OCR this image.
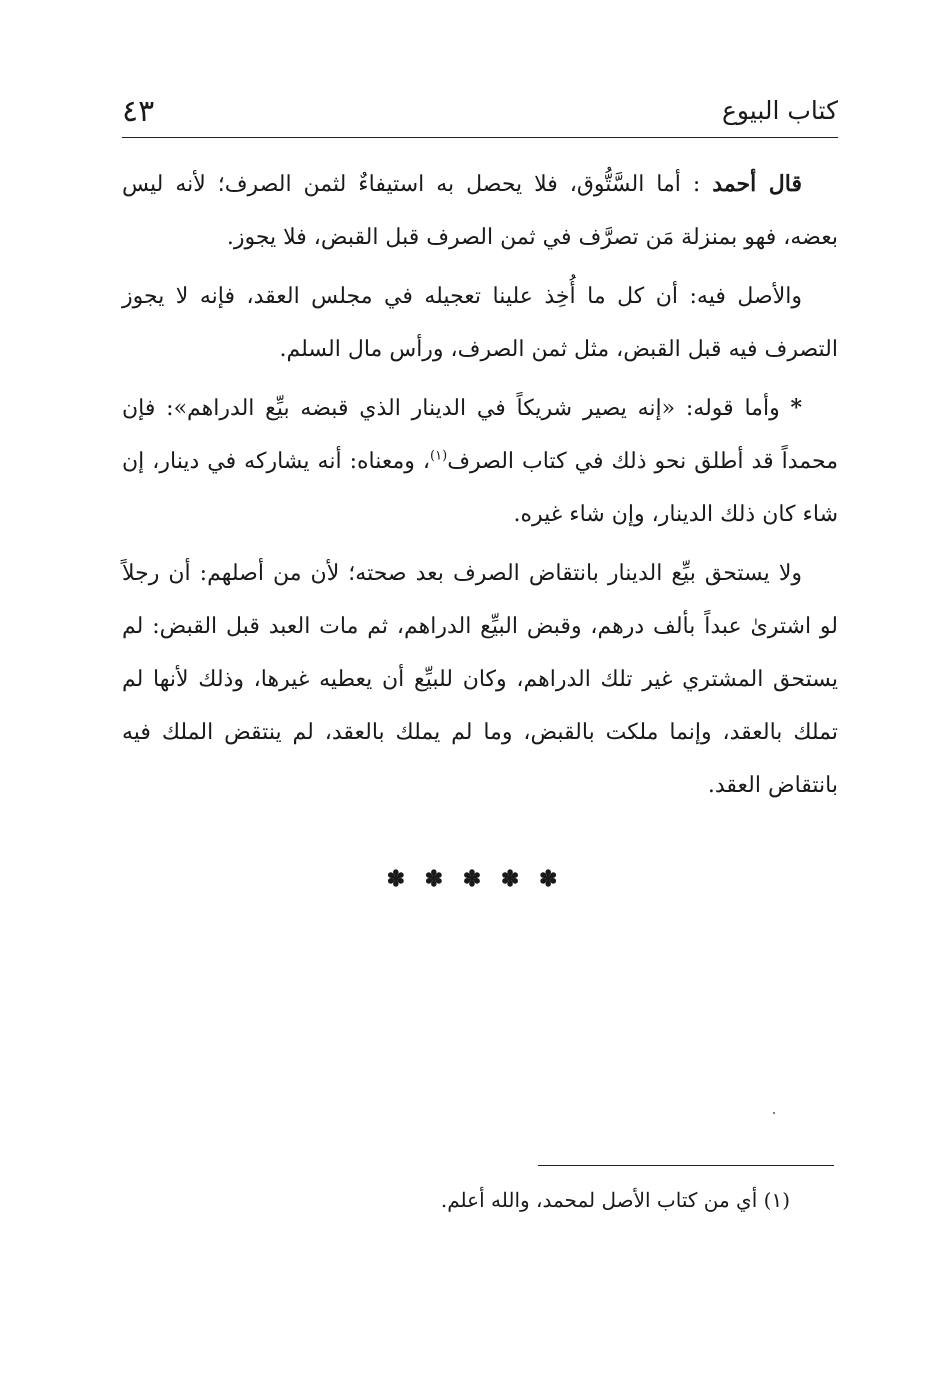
كتاب البيوع
٤٣

قال أحمد : أما السَّتُّوق، فلا يحصل به استيفاءٌ لثمن الصرف؛ لأنه ليس بعضه، فهو بمنزلة مَن تصرَّف في ثمن الصرف قبل القبض، فلا يجوز.

والأصل فيه: أن كل ما أُخِذ علينا تعجيله في مجلس العقد، فإنه لا يجوز التصرف فيه قبل القبض، مثل ثمن الصرف، ورأس مال السلم.

* وأما قوله: «إنه يصير شريكاً في الدينار الذي قبضه بيِّع الدراهم»: فإن محمداً قد أطلق نحو ذلك في كتاب الصرف$^{(١)}$، ومعناه: أنه يشاركه في دينار، إن شاء كان ذلك الدينار، وإن شاء غيره.

ولا يستحق بيِّع الدينار بانتقاض الصرف بعد صحته؛ لأن من أصلهم: أن رجلاً لو اشترىٰ عبداً بألف درهم، وقبض البيِّع الدراهم، ثم مات العبد قبل القبض: لم يستحق المشتري غير تلك الدراهم، وكان للبيِّع أن يعطيه غيرها، وذلك لأنها لم تملك بالعقد، وإنما ملكت بالقبض، وما لم يملك بالعقد، لم ينتقض الملك فيه بانتقاض العقد.

✽ ✽ ✽ ✽ ✽
(١) أي من كتاب الأصل لمحمد، والله أعلم.
